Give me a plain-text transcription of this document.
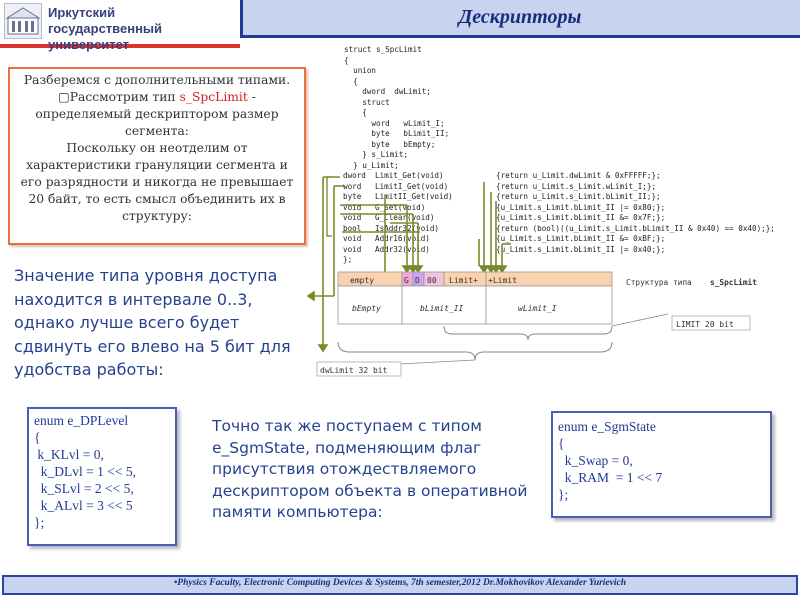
Иркутский
государственный университет
Дескрипторы
Разберемся с дополнительными типами.
▢Рассмотрим тип s_SpcLimit -
определяемый дескриптором размер сегмента:
Поскольку он неотделим от характеристики грануляции сегмента и его разрядности и никогда не превышает 20 байт, то есть смысл объединить их в структуру:
struct s_SpcLimit
{
union
{
dword  dwLimit;
struct
{
word   wLimit_I;
byte   bLimit_II;
byte   bEmpty;
} s_Limit;
} u_Limit;
dword  Limit_Get(void)
word   LimitI_Get(void)
byte   LimitII_Get(void)
void   G_Set(void)
void   G_Clear(void)
bool   IsAddr32(void)
void   Addr16(void)
void   Addr32(void)
{return u_Limit.dwLimit & 0xFFFFF;};
{return u_Limit.s_Limit.wLimit_I;};
{return u_Limit.s_Limit.bLimit_II;};
{u_Limit.s_Limit.bLimit_II |= 0x80;};
{u_Limit.s_Limit.bLimit_II &= 0x7F;};
{return (bool)((u_Limit.s_Limit.bLimit_II & 0x40) == 0x40);};
{u_Limit.s_Limit.bLimit_II &= 0xBF;};
{u_Limit.s_Limit.bLimit_II |= 0x40;};
};
empty	G D 00 Limit+ +Limit
bEmpty	bLimit_II	wLimit_I
Структура типа s_SpcLimit
LIMIT 20 bit
dwLimit 32 bit
Значение типа уровня доступа находится в интервале 0..3, однако лучше всего будет сдвинуть его влево на 5 бит для удобства работы:
enum e_DPLevel
{
k_KLvl = 0,
k_DLvl = 1 << 5,
k_SLvl = 2 << 5,
k_ALvl = 3 << 5
};
Точно так же поступаем с типом e_SgmState, подменяющим флаг присутствия отождествляемого дескриптором объекта в оперативной памяти компьютера:
enum e_SgmState
{
k_Swap = 0,
k_RAM  = 1 << 7
};
•Physics Faculty, Electronic Computing Devices & Systems, 7th semester,2012 Dr.Mokhovikov Alexander Yurievich
